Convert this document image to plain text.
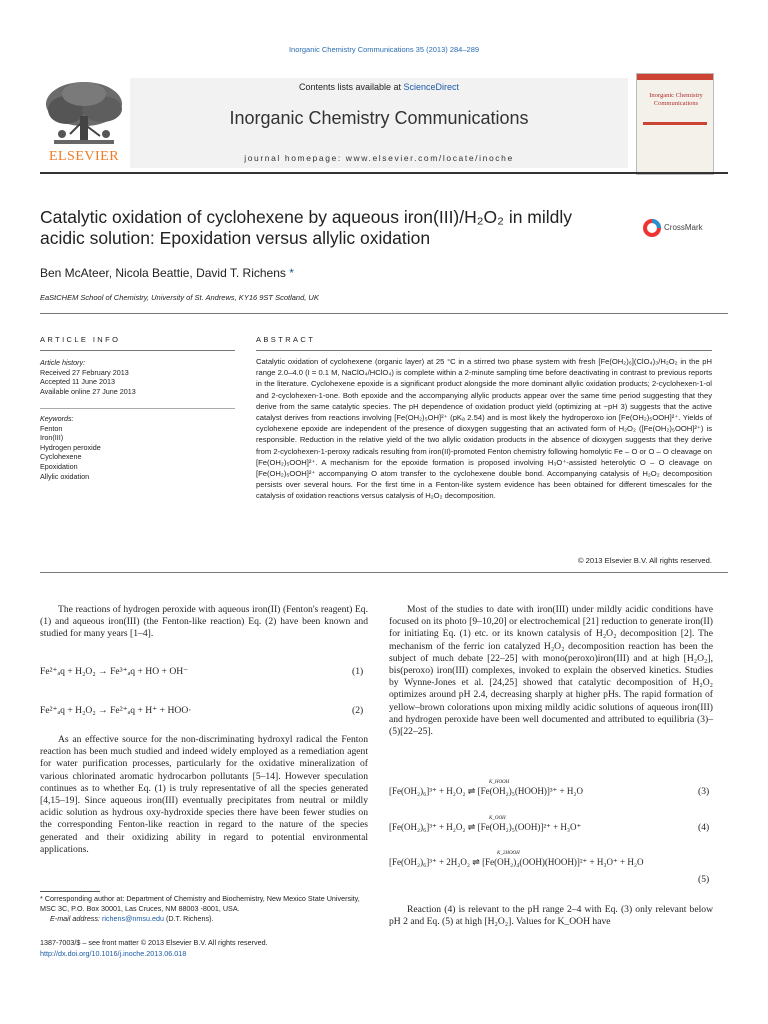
Inorganic Chemistry Communications 35 (2013) 284–289
Contents lists available at ScienceDirect
Inorganic Chemistry Communications
journal homepage: www.elsevier.com/locate/inoche
ELSEVIER
Inorganic Chemistry Communications
Catalytic oxidation of cyclohexene by aqueous iron(III)/H₂O₂ in mildly
acidic solution: Epoxidation versus allylic oxidation
CrossMark
Ben McAteer, Nicola Beattie, David T. Richens *
EaStCHEM School of Chemistry, University of St. Andrews, KY16 9ST Scotland, UK
ARTICLE INFO
Article history:
Received 27 February 2013
Accepted 11 June 2013
Available online 27 June 2013
Keywords:
Fenton
Iron(III)
Hydrogen peroxide
Cyclohexene
Epoxidation
Allylic oxidation
ABSTRACT
Catalytic oxidation of cyclohexene (organic layer) at 25 °C in a stirred two phase system with fresh [Fe(OH₂)₆](ClO₄)₃/H₂O₂ in the pH range 2.0–4.0 (I = 0.1 M, NaClO₄/HClO₄) is complete within a 2-minute sampling time before deactivating in contrast to previous reports in the literature. Cyclohexene epoxide is a significant product alongside the more dominant allylic oxidation products; 2-cyclohexen-1-ol and 2-cyclohexen-1-one. Both epoxide and the accompanying allylic products appear over the same time period suggesting that they derive from the same catalytic species. The pH dependence of oxidation product yield (optimizing at ~pH 3) suggests that the active catalyst derives from reactions involving [Fe(OH₂)₅OH]²⁺ (pKₐ 2.54) and is most likely the hydroperoxo ion [Fe(OH₂)₅OOH]²⁺. Yields of cyclohexene epoxide are independent of the presence of dioxygen suggesting that an activated form of H₂O₂ ([Fe(OH₂)₅OOH]²⁺) is responsible. Reduction in the relative yield of the two allylic oxidation products in the absence of dioxygen suggests that they derive from 2-cyclohexen-1-peroxy radicals resulting from iron(II)-promoted Fenton chemistry following homolytic Fe – O or O – O cleavage on [Fe(OH₂)₅OOH]²⁺. A mechanism for the epoxide formation is proposed involving H₃O⁺-assisted heterolytic O – O cleavage on [Fe(OH₂)₅OOH]²⁺ accompanying O atom transfer to the cyclohexene double bond. Accompanying catalysis of H₂O₂ decomposition persists over several hours. For the first time in a Fenton-like system evidence has been obtained for different timescales for the catalysis of oxidation reactions versus catalysis of H₂O₂ decomposition.
© 2013 Elsevier B.V. All rights reserved.
The reactions of hydrogen peroxide with aqueous iron(II) (Fenton's reagent) Eq. (1) and aqueous iron(III) (the Fenton-like reaction) Eq. (2) have been known and studied for many years [1–4].
Fe²⁺ₐq + H₂O₂ → Fe³⁺ₐq + HO + OH⁻	(1)
Fe²⁺ₐq + H₂O₂ → Fe²⁺ₐq + H⁺ + HOO·	(2)
As an effective source for the non-discriminating hydroxyl radical the Fenton reaction has been much studied and indeed widely employed as a remediation agent for water purification processes, particularly for the oxidative mineralization of various chlorinated aromatic hydrocarbon pollutants [5–14]. However speculation continues as to whether Eq. (1) is truly representative of all the species generated [4,15–19]. Since aqueous iron(III) eventually precipitates from neutral or mildly acidic solution as hydrous oxy-hydroxide species there have been fewer studies on the corresponding Fenton-like reaction in regard to the nature of the species generated and their oxidizing ability in regard to potential environmental applications.
* Corresponding author at: Department of Chemistry and Biochemistry, New Mexico State University, MSC 3C, P.O. Box 30001, Las Cruces, NM 88003 -8001, USA.
E-mail address: richens@nmsu.edu (D.T. Richens).
1387-7003/$ – see front matter © 2013 Elsevier B.V. All rights reserved.
http://dx.doi.org/10.1016/j.inoche.2013.06.018
Most of the studies to date with iron(III) under mildly acidic conditions have focused on its photo [9–10,20] or electrochemical [21] reduction to generate iron(II) for initiating Eq. (1) etc. or its known catalysis of H₂O₂ decomposition [2]. The mechanism of the ferric ion catalyzed H₂O₂ decomposition reaction has been the subject of much debate [22–25] with mono(peroxo)iron(III) and at high [H₂O₂], bis(peroxo) iron(III) complexes, invoked to explain the observed kinetics. Studies by Wynne-Jones et al. [24,25] showed that catalytic decomposition of H₂O₂ optimizes around pH 2.4, decreasing sharply at higher pHs. The rapid formation of yellow–brown colorations upon mixing mildly acidic solutions of aqueous iron(III) and hydrogen peroxide have been well documented and attributed to equilibria (3)–(5)[22–25].
[Fe(OH₂)₆]³⁺ + H₂O₂ ⇌ [Fe(OH₂)₅(HOOH)]³⁺ + H₂O
K_HOOH
(3)
[Fe(OH₂)₆]³⁺ + H₂O₂ ⇌ [Fe(OH₂)₅(OOH)]²⁺ + H₃O⁺
K_OOH
(4)
[Fe(OH₂)₆]³⁺ + 2H₂O₂ ⇌ [Fe(OH₂)₄(OOH)(HOOH)]²⁺ + H₃O⁺ + H₂O
K_2HOOH
(5)
Reaction (4) is relevant to the pH range 2–4 with Eq. (3) only relevant below pH 2 and Eq. (5) at high [H₂O₂]. Values for K_OOH have
